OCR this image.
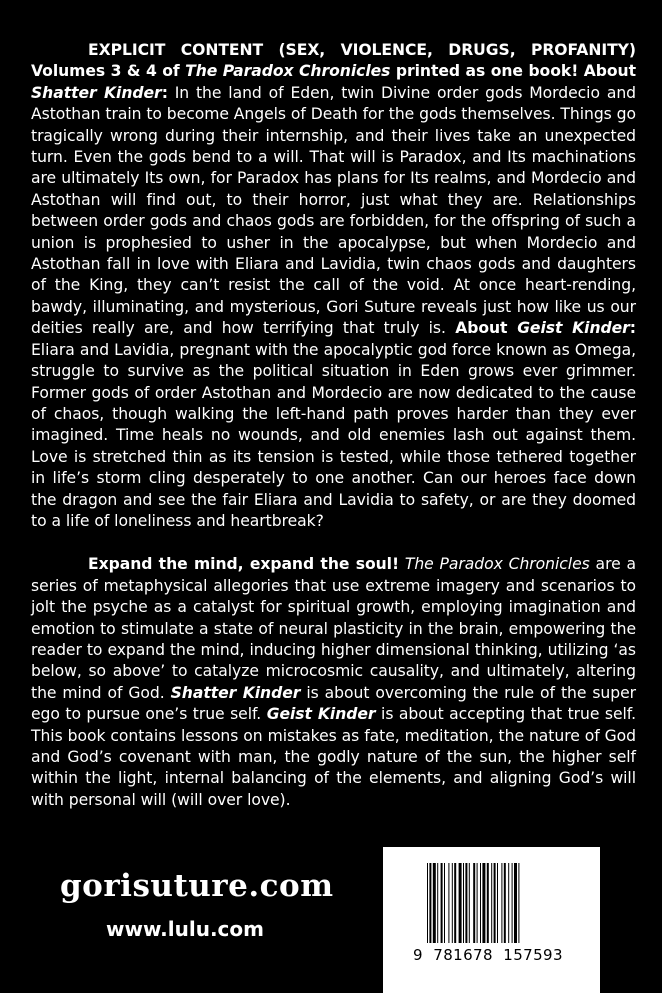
EXPLICIT CONTENT (SEX, VIOLENCE, DRUGS, PROFANITY) Volumes 3 & 4 of The Paradox Chronicles printed as one book! About Shatter Kinder: In the land of Eden, twin Divine order gods Mordecio and Astothan train to become Angels of Death for the gods themselves. Things go tragically wrong during their internship, and their lives take an unexpected turn. Even the gods bend to a will. That will is Paradox, and Its machinations are ultimately Its own, for Paradox has plans for Its realms, and Mordecio and Astothan will find out, to their horror, just what they are. Relationships between order gods and chaos gods are forbidden, for the offspring of such a union is prophesied to usher in the apocalypse, but when Mordecio and Astothan fall in love with Eliara and Lavidia, twin chaos gods and daughters of the King, they can’t resist the call of the void. At once heart-rending, bawdy, illuminating, and mysterious, Gori Suture reveals just how like us our deities really are, and how terrifying that truly is. About Geist Kinder: Eliara and Lavidia, pregnant with the apocalyptic god force known as Omega, struggle to survive as the political situation in Eden grows ever grimmer. Former gods of order Astothan and Mordecio are now dedicated to the cause of chaos, though walking the left-hand path proves harder than they ever imagined. Time heals no wounds, and old enemies lash out against them. Love is stretched thin as its tension is tested, while those tethered together in life’s storm cling desperately to one another. Can our heroes face down the dragon and see the fair Eliara and Lavidia to safety, or are they doomed to a life of loneliness and heartbreak?

Expand the mind, expand the soul! The Paradox Chronicles are a series of metaphysical allegories that use extreme imagery and scenarios to jolt the psyche as a catalyst for spiritual growth, employing imagination and emotion to stimulate a state of neural plasticity in the brain, empowering the reader to expand the mind, inducing higher dimensional thinking, utilizing ‘as below, so above’ to catalyze microcosmic causality, and ultimately, altering the mind of God. Shatter Kinder is about overcoming the rule of the super ego to pursue one’s true self. Geist Kinder is about accepting that true self. This book contains lessons on mistakes as fate, meditation, the nature of God and God’s covenant with man, the godly nature of the sun, the higher self within the light, internal balancing of the elements, and aligning God’s will with personal will (will over love).

gorisuture.com
www.lulu.com
9  781678  157593
